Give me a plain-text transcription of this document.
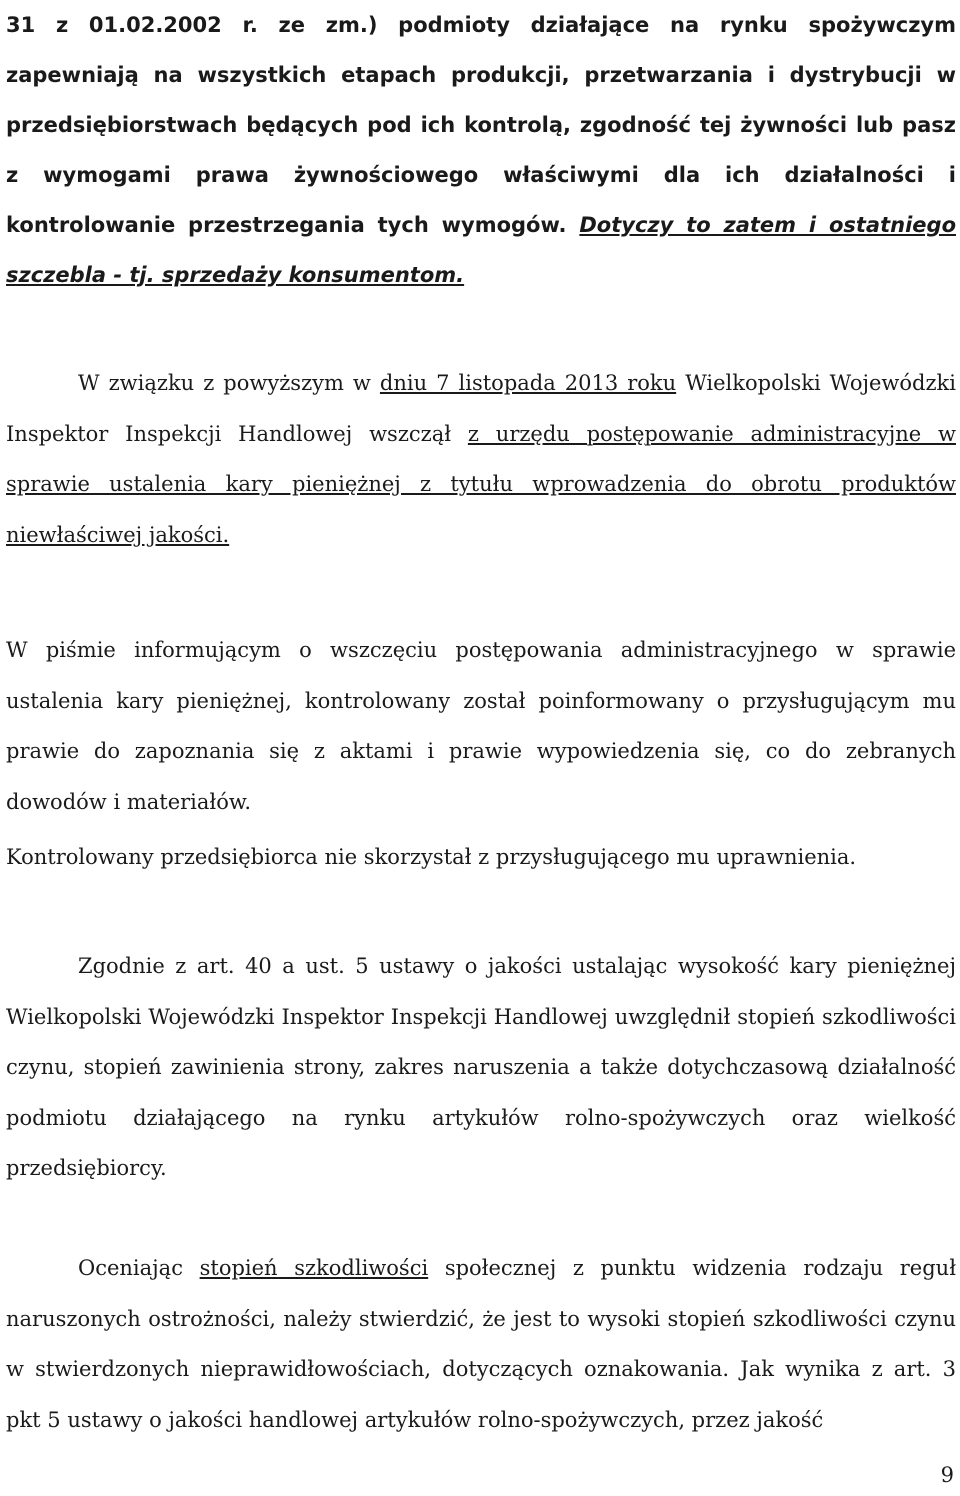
31 z 01.02.2002 r. ze zm.) podmioty działające na rynku spożywczym zapewniają na wszystkich etapach produkcji, przetwarzania i dystrybucji w przedsiębiorstwach będących pod ich kontrolą, zgodność tej żywności lub pasz z wymogami prawa żywnościowego właściwymi dla ich działalności i kontrolowanie przestrzegania tych wymogów. Dotyczy to zatem i ostatniego szczebla - tj. sprzedaży konsumentom.

W związku z powyższym w dniu 7 listopada 2013 roku Wielkopolski Wojewódzki Inspektor Inspekcji Handlowej wszczął z urzędu postępowanie administracyjne w sprawie ustalenia kary pieniężnej z tytułu wprowadzenia do obrotu produktów niewłaściwej jakości.

W piśmie informującym o wszczęciu postępowania administracyjnego w sprawie ustalenia kary pieniężnej, kontrolowany został poinformowany o przysługującym mu prawie do zapoznania się z aktami i prawie wypowiedzenia się, co do zebranych dowodów i materiałów.

Kontrolowany przedsiębiorca nie skorzystał z przysługującego mu uprawnienia.

Zgodnie z art. 40 a ust. 5 ustawy o jakości ustalając wysokość kary pieniężnej Wielkopolski Wojewódzki Inspektor Inspekcji Handlowej uwzględnił stopień szkodliwości czynu, stopień zawinienia strony, zakres naruszenia a także dotychczasową działalność podmiotu działającego na rynku artykułów rolno-spożywczych oraz wielkość przedsiębiorcy.

Oceniając stopień szkodliwości społecznej z punktu widzenia rodzaju reguł naruszonych ostrożności, należy stwierdzić, że jest to wysoki stopień szkodliwości czynu w stwierdzonych nieprawidłowościach, dotyczących oznakowania. Jak wynika z art. 3 pkt 5 ustawy o jakości handlowej artykułów rolno-spożywczych, przez jakość

9
